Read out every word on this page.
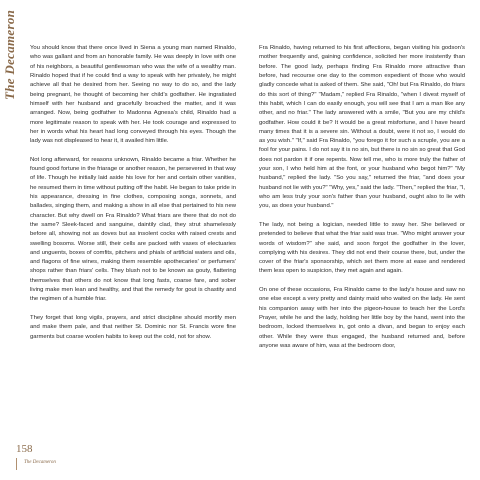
The Decameron You should know that there once lived in Siena a young man named Rinaldo, who was gallant and from an honorable family. He was deeply in love with one of his neighbors, a beautiful gentlewoman who was the wife of a wealthy man. Rinaldo hoped that if he could find a way to speak with her privately, he might achieve all that he desired from her. Seeing no way to do so, and the lady being pregnant, he thought of becoming her child's godfather. He ingratiated himself with her husband and gracefully broached the matter, and it was arranged. Now, being godfather to Madonna Agnesa's child, Rinaldo had a more legitimate reason to speak with her. He took courage and expressed to her in words what his heart had long conveyed through his eyes. Though the lady was not displeased to hear it, it availed him little.

Not long afterward, for reasons unknown, Rinaldo became a friar. Whether he found good fortune in the friarage or another reason, he persevered in that way of life. Though he initially laid aside his love for her and certain other vanities, he resumed them in time without putting off the habit. He began to take pride in his appearance, dressing in fine clothes, composing songs, sonnets, and ballades, singing them, and making a show in all else that pertained to his new character. But why dwell on Fra Rinaldo? What friars are there that do not do the same? Sleek-faced and sanguine, daintily clad, they strut shamelessly before all, showing not as doves but as insolent cocks with raised crests and swelling bosoms. Worse still, their cells are packed with vases of electuaries and unguents, boxes of comfits, pitchers and phials of artificial waters and oils, and flagons of fine wines, making them resemble apothecaries' or perfumers' shops rather than friars' cells. They blush not to be known as gouty, flattering themselves that others do not know that long fasts, coarse fare, and sober living make men lean and healthy, and that the remedy for gout is chastity and the regimen of a humble friar.

They forget that long vigils, prayers, and strict discipline should mortify men and make them pale, and that neither St. Dominic nor St. Francis wore fine garments but coarse woolen habits to keep out the cold, not for show.

Fra Rinaldo, having returned to his first affections, began visiting his godson's mother frequently and, gaining confidence, solicited her more insistently than before. The good lady, perhaps finding Fra Rinaldo more attractive than before, had recourse one day to the common expedient of those who would gladly concede what is asked of them. She said, "Oh! but Fra Rinaldo, do friars do this sort of thing?" "Madam," replied Fra Rinaldo, "when I divest myself of this habit, which I can do easily enough, you will see that I am a man like any other, and no friar." The lady answered with a smile, "But you are my child's godfather. How could it be? It would be a great misfortune, and I have heard many times that it is a severe sin. Without a doubt, were it not so, I would do as you wish." "If," said Fra Rinaldo, "you forego it for such a scruple, you are a fool for your pains. I do not say it is no sin, but there is no sin so great that God does not pardon it if one repents. Now tell me, who is more truly the father of your son, I who held him at the font, or your husband who begot him?" "My husband," replied the lady. "So you say," returned the friar, "and does your husband not lie with you?" "Why, yes," said the lady. "Then," replied the friar, "I, who am less truly your son's father than your husband, ought also to lie with you, as does your husband."

The lady, not being a logician, needed little to sway her. She believed or pretended to believe that what the friar said was true. "Who might answer your words of wisdom?" she said, and soon forgot the godfather in the lover, complying with his desires. They did not end their course there, but, under the cover of the friar's sponsorship, which set them more at ease and rendered them less open to suspicion, they met again and again.

On one of these occasions, Fra Rinaldo came to the lady's house and saw no one else except a very pretty and dainty maid who waited on the lady. He sent his companion away with her into the pigeon-house to teach her the Lord's Prayer, while he and the lady, holding her little boy by the hand, went into the bedroom, locked themselves in, got onto a divan, and began to enjoy each other. While they were thus engaged, the husband returned and, before anyone was aware of him, was at the bedroom door,

158
The Decameron
